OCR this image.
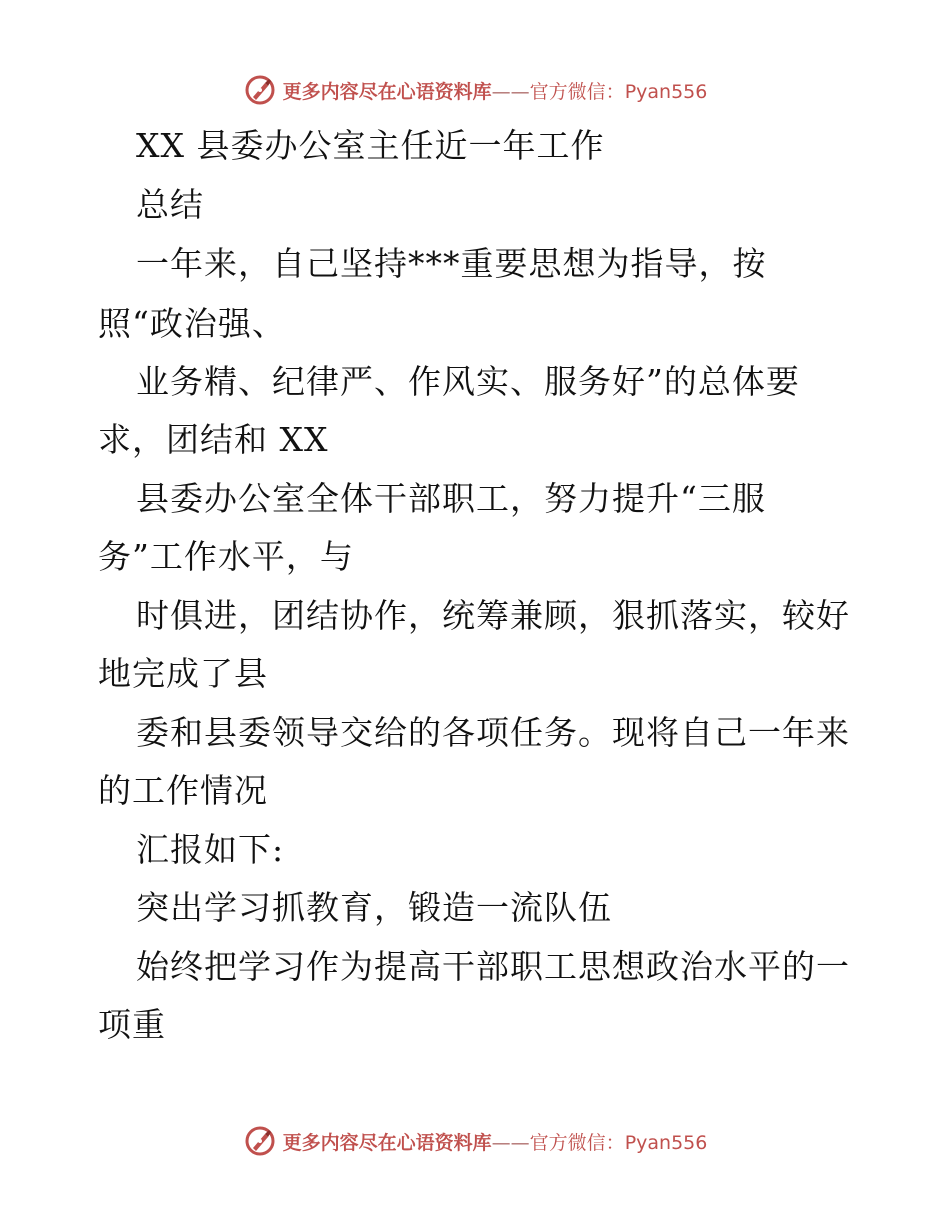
更多内容尽在心语资料库——官方微信：Pyan556
XX 县委办公室主任近一年工作
总结
一年来，自己坚持***重要思想为指导，按
照“政治强、
业务精、纪律严、作风实、服务好”的总体要
求，团结和 XX
县委办公室全体干部职工，努力提升“三服
务”工作水平，与
时俱进，团结协作，统筹兼顾，狠抓落实，较好
地完成了县
委和县委领导交给的各项任务。现将自己一年来
的工作情况
汇报如下:
突出学习抓教育，锻造一流队伍
始终把学习作为提高干部职工思想政治水平的一
项重
更多内容尽在心语资料库——官方微信：Pyan556
